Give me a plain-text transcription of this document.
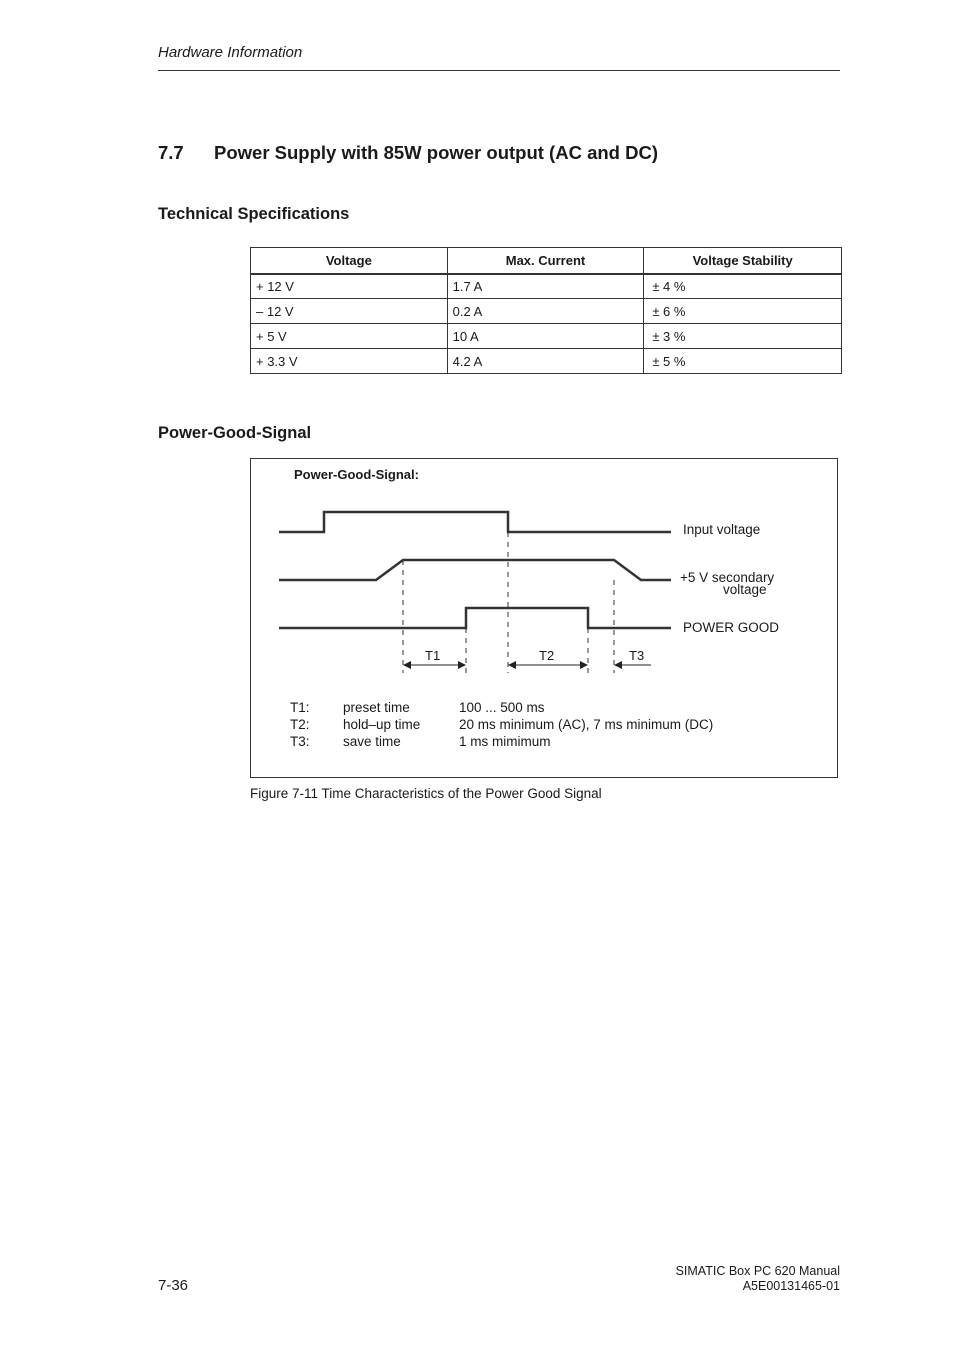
Hardware Information
7.7 Power Supply with 85W power output (AC and DC)
Technical Specifications
Voltage	Max. Current	Voltage Stability
+ 12 V	1.7 A	± 4 %
– 12 V	0.2 A	± 6 %
+ 5 V	10 A	± 3 %
+ 3.3 V	4.2 A	± 5 %
Power-Good-Signal
Power-Good-Signal:
Input voltage
+5 V secondary
voltage
POWER GOOD
T1	T2	T3
T1: preset time	100 ... 500 ms
T2: hold–up time	20 ms minimum (AC), 7 ms minimum (DC)
T3: save time	1 ms mimimum
Figure 7-11 Time Characteristics of the Power Good Signal
7-36
SIMATIC Box PC 620 Manual
A5E00131465-01
